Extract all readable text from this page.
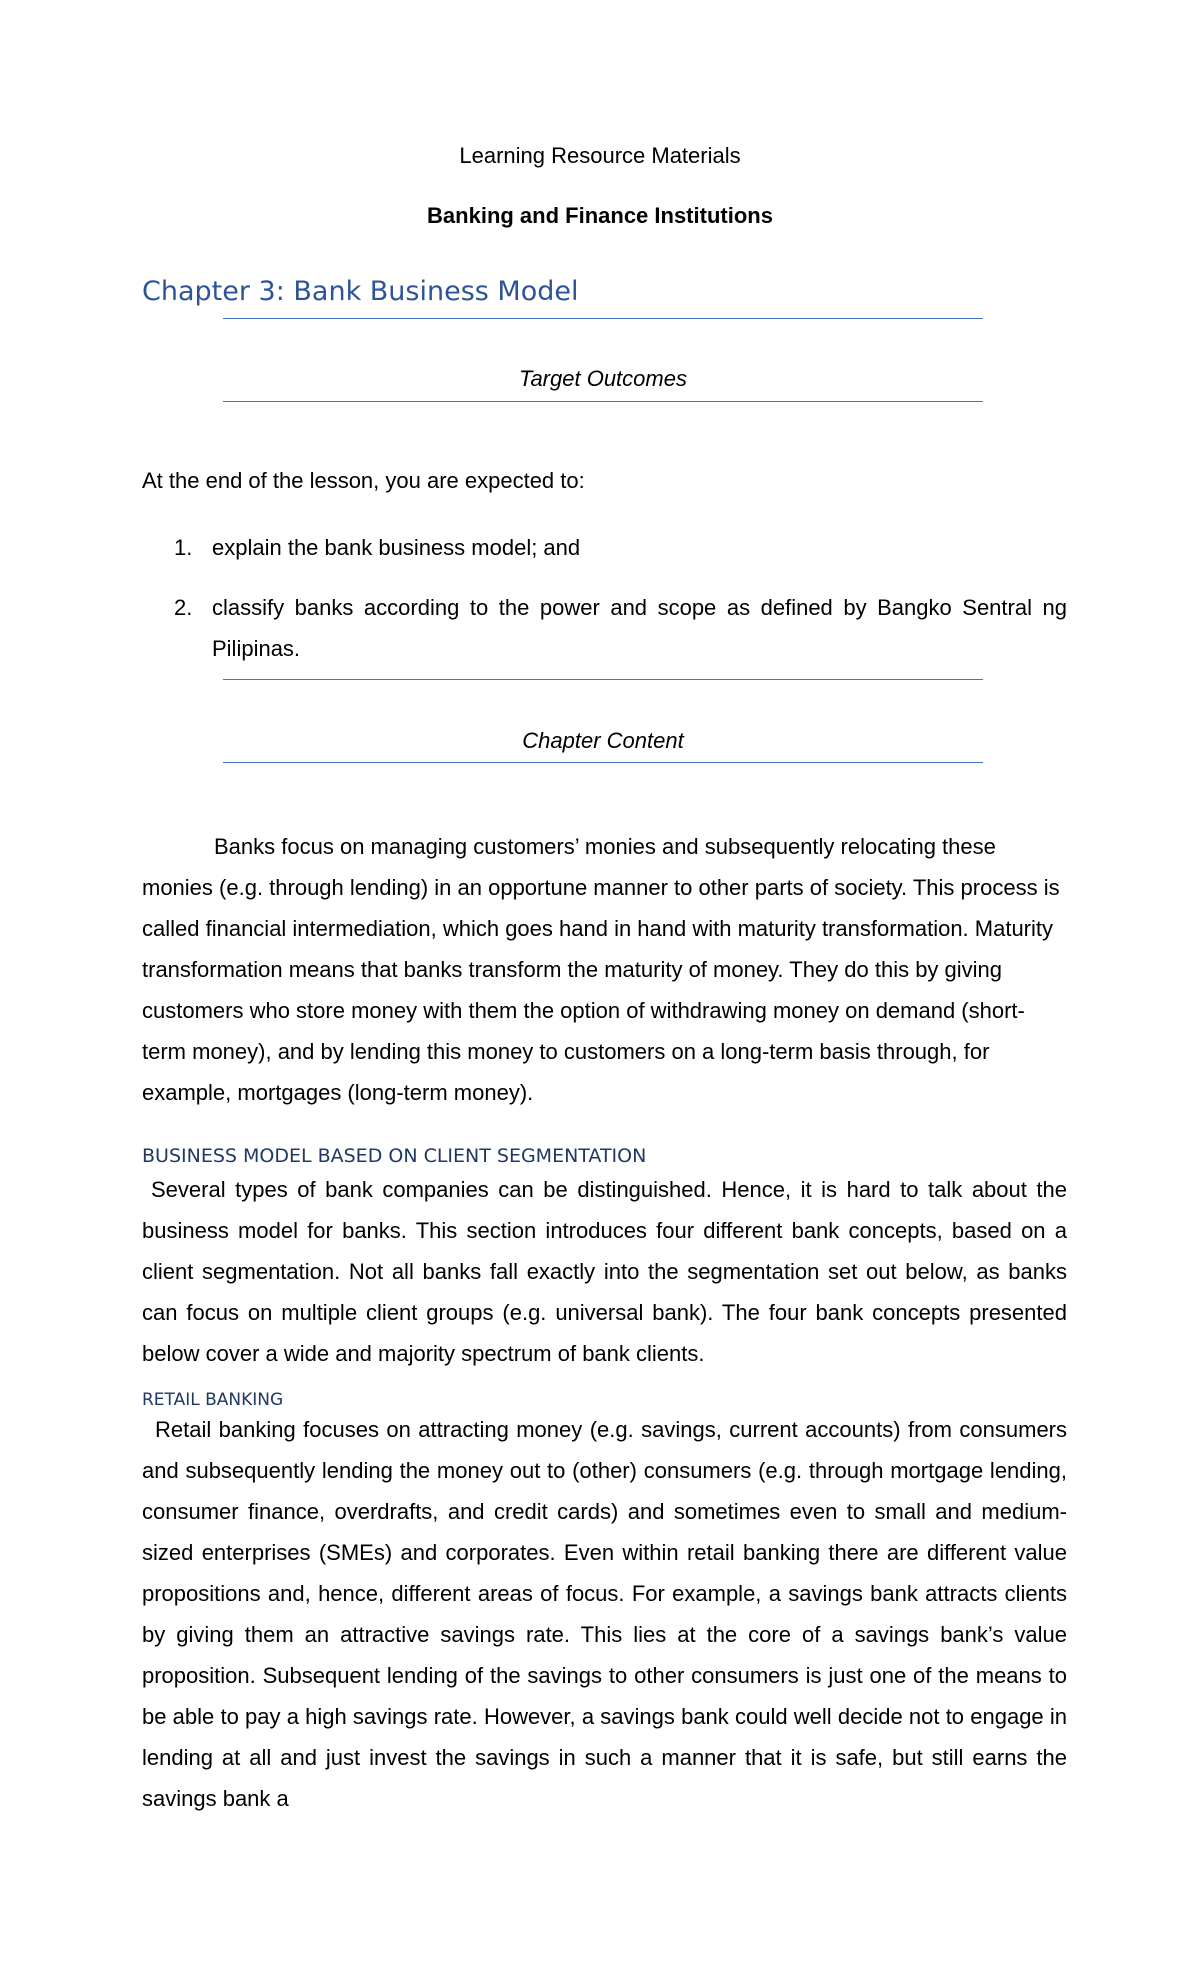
Learning Resource Materials
Banking and Finance Institutions
Chapter 3: Bank Business Model
Target Outcomes
At the end of the lesson, you are expected to:
1. explain the bank business model; and
2. classify banks according to the power and scope as defined by Bangko Sentral ng Pilipinas.
Chapter Content

Banks focus on managing customers’ monies and subsequently relocating these monies (e.g. through lending) in an opportune manner to other parts of society. This process is called financial intermediation, which goes hand in hand with maturity transformation. Maturity transformation means that banks transform the maturity of money. They do this by giving customers who store money with them the option of withdrawing money on demand (short-term money), and by lending this money to customers on a long-term basis through, for example, mortgages (long-term money).

BUSINESS MODEL BASED ON CLIENT SEGMENTATION

Several types of bank companies can be distinguished. Hence, it is hard to talk about the business model for banks. This section introduces four different bank concepts, based on a client segmentation. Not all banks fall exactly into the segmentation set out below, as banks can focus on multiple client groups (e.g. universal bank). The four bank concepts presented below cover a wide and majority spectrum of bank clients.

RETAIL BANKING

Retail banking focuses on attracting money (e.g. savings, current accounts) from consumers and subsequently lending the money out to (other) consumers (e.g. through mortgage lending, consumer finance, overdrafts, and credit cards) and sometimes even to small and medium-sized enterprises (SMEs) and corporates. Even within retail banking there are different value propositions and, hence, different areas of focus. For example, a savings bank attracts clients by giving them an attractive savings rate. This lies at the core of a savings bank’s value proposition. Subsequent lending of the savings to other consumers is just one of the means to be able to pay a high savings rate. However, a savings bank could well decide not to engage in lending at all and just invest the savings in such a manner that it is safe, but still earns the savings bank a
